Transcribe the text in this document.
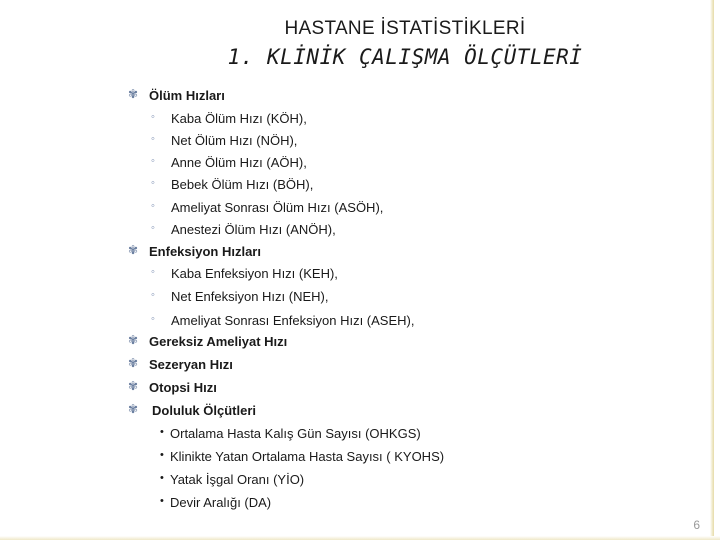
HASTANE İSTATİSTİKLERİ
1. KLİNİK ÇALIŞMA ÖLÇÜTLERİ
✾ Ölüm Hızları
◦ Kaba Ölüm Hızı (KÖH),
◦ Net Ölüm Hızı (NÖH),
◦ Anne Ölüm Hızı (AÖH),
◦ Bebek Ölüm Hızı (BÖH),
◦ Ameliyat Sonrası Ölüm Hızı (ASÖH),
◦ Anestezi Ölüm Hızı (ANÖH),
✾ Enfeksiyon Hızları
◦ Kaba Enfeksiyon Hızı (KEH),
◦ Net Enfeksiyon Hızı (NEH),
◦ Ameliyat Sonrası Enfeksiyon Hızı (ASEH),
✾ Gereksiz Ameliyat Hızı
✾ Sezeryan Hızı
✾ Otopsi Hızı
✾ Doluluk Ölçütleri
• Ortalama Hasta Kalış Gün Sayısı (OHKGS)
• Klinikte Yatan Ortalama Hasta Sayısı ( KYOHS)
• Yatak İşgal Oranı (YİO)
• Devir Aralığı (DA)
6
